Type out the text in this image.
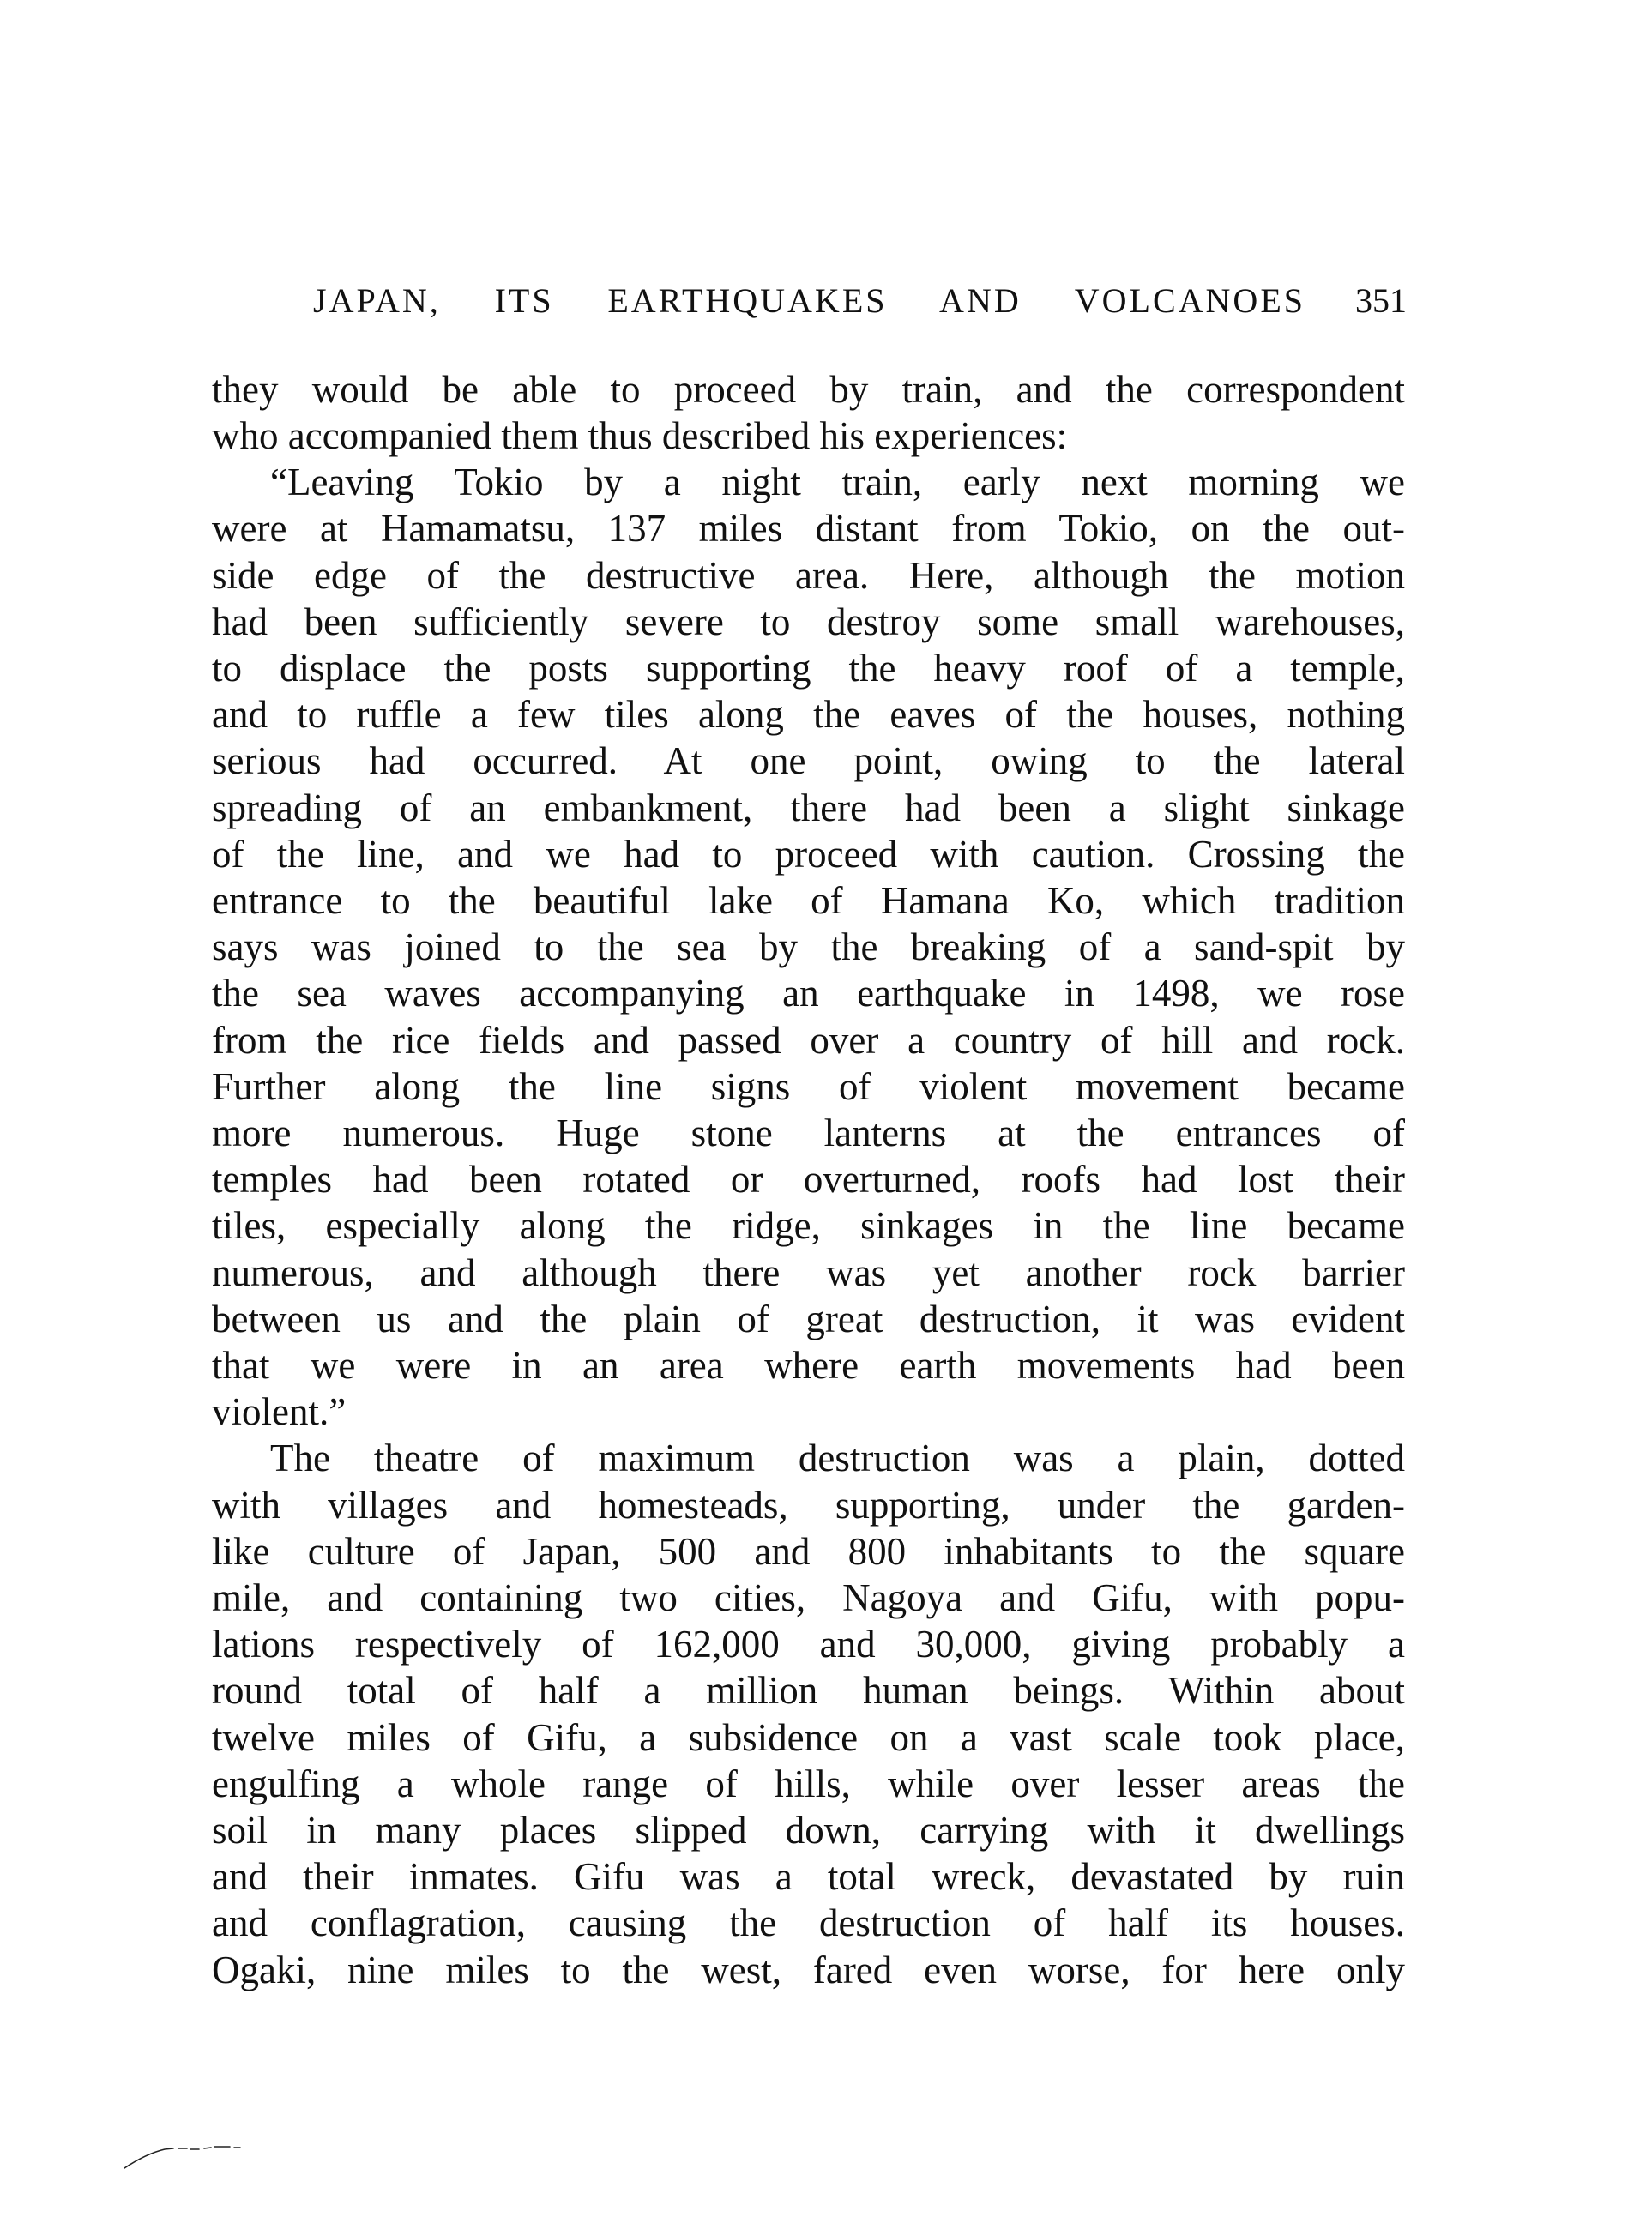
JAPAN, ITS EARTHQUAKES AND VOLCANOES 351
they would be able to proceed by train, and the correspondent
who accompanied them thus described his experiences:
“Leaving Tokio by a night train, early next morning we
were at Hamamatsu, 137 miles distant from Tokio, on the out-
side edge of the destructive area. Here, although the motion
had been sufficiently severe to destroy some small warehouses,
to displace the posts supporting the heavy roof of a temple,
and to ruffle a few tiles along the eaves of the houses, nothing
serious had occurred. At one point, owing to the lateral
spreading of an embankment, there had been a slight sinkage
of the line, and we had to proceed with caution. Crossing the
entrance to the beautiful lake of Hamana Ko, which tradition
says was joined to the sea by the breaking of a sand-spit by
the sea waves accompanying an earthquake in 1498, we rose
from the rice fields and passed over a country of hill and rock.
Further along the line signs of violent movement became
more numerous. Huge stone lanterns at the entrances of
temples had been rotated or overturned, roofs had lost their
tiles, especially along the ridge, sinkages in the line became
numerous, and although there was yet another rock barrier
between us and the plain of great destruction, it was evident
that we were in an area where earth movements had been
violent.”
The theatre of maximum destruction was a plain, dotted
with villages and homesteads, supporting, under the garden-
like culture of Japan, 500 and 800 inhabitants to the square
mile, and containing two cities, Nagoya and Gifu, with popu-
lations respectively of 162,000 and 30,000, giving probably a
round total of half a million human beings. Within about
twelve miles of Gifu, a subsidence on a vast scale took place,
engulfing a whole range of hills, while over lesser areas the
soil in many places slipped down, carrying with it dwellings
and their inmates. Gifu was a total wreck, devastated by ruin
and conflagration, causing the destruction of half its houses.
Ogaki, nine miles to the west, fared even worse, for here only
